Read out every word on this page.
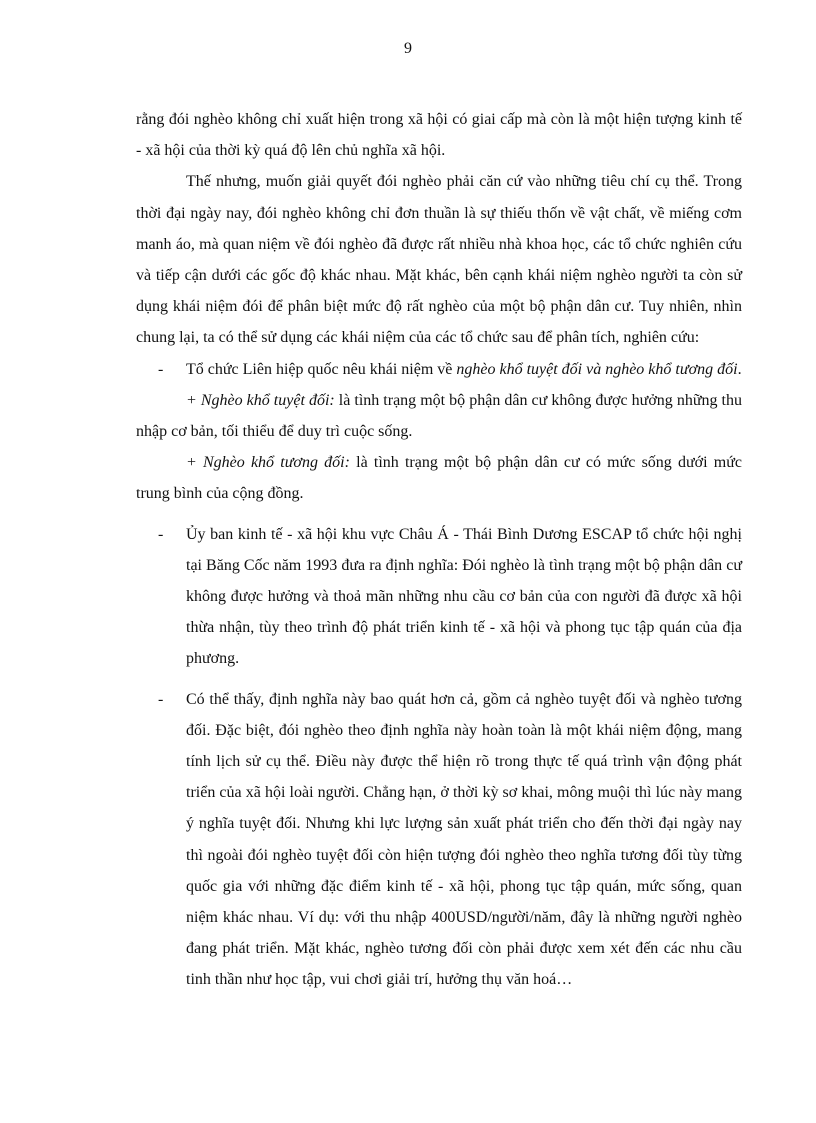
9

rằng đói nghèo không chỉ xuất hiện trong xã hội có giai cấp mà còn là một hiện tượng kinh tế - xã hội của thời kỳ quá độ lên chủ nghĩa xã hội.

Thế nhưng, muốn giải quyết đói nghèo phải căn cứ vào những tiêu chí cụ thể. Trong thời đại ngày nay, đói nghèo không chỉ đơn thuần là sự thiếu thốn về vật chất, về miếng cơm manh áo, mà quan niệm về đói nghèo đã được rất nhiều nhà khoa học, các tổ chức nghiên cứu và tiếp cận dưới các gốc độ khác nhau. Mặt khác, bên cạnh khái niệm nghèo người ta còn sử dụng khái niệm đói để phân biệt mức độ rất nghèo của một bộ phận dân cư. Tuy nhiên, nhìn chung lại, ta có thể sử dụng các khái niệm của các tổ chức sau để phân tích, nghiên cứu:

- Tổ chức Liên hiệp quốc nêu khái niệm về nghèo khổ tuyệt đối và nghèo khổ tương đối.

+ Nghèo khổ tuyệt đối: là tình trạng một bộ phận dân cư không được hưởng những thu nhập cơ bản, tối thiểu để duy trì cuộc sống.

+ Nghèo khổ tương đối: là tình trạng một bộ phận dân cư có mức sống dưới mức trung bình của cộng đồng.

- Ủy ban kinh tế - xã hội khu vực Châu Á - Thái Bình Dương ESCAP tổ chức hội nghị tại Băng Cốc năm 1993 đưa ra định nghĩa: Đói nghèo là tình trạng một bộ phận dân cư không được hưởng và thoả mãn những nhu cầu cơ bản của con người đã được xã hội thừa nhận, tùy theo trình độ phát triển kinh tế - xã hội và phong tục tập quán của địa phương.

- Có thể thấy, định nghĩa này bao quát hơn cả, gồm cả nghèo tuyệt đối và nghèo tương đối. Đặc biệt, đói nghèo theo định nghĩa này hoàn toàn là một khái niệm động, mang tính lịch sử cụ thể. Điều này được thể hiện rõ trong thực tế quá trình vận động phát triển của xã hội loài người. Chẳng hạn, ở thời kỳ sơ khai, mông muội thì lúc này mang ý nghĩa tuyệt đối. Nhưng khi lực lượng sản xuất phát triển cho đến thời đại ngày nay thì ngoài đói nghèo tuyệt đối còn hiện tượng đói nghèo theo nghĩa tương đối tùy từng quốc gia với những đặc điểm kinh tế - xã hội, phong tục tập quán, mức sống, quan niệm khác nhau. Ví dụ: với thu nhập 400USD/người/năm, đây là những người nghèo đang phát triển. Mặt khác, nghèo tương đối còn phải được xem xét đến các nhu cầu tinh thần như học tập, vui chơi giải trí, hưởng thụ văn hoá…
